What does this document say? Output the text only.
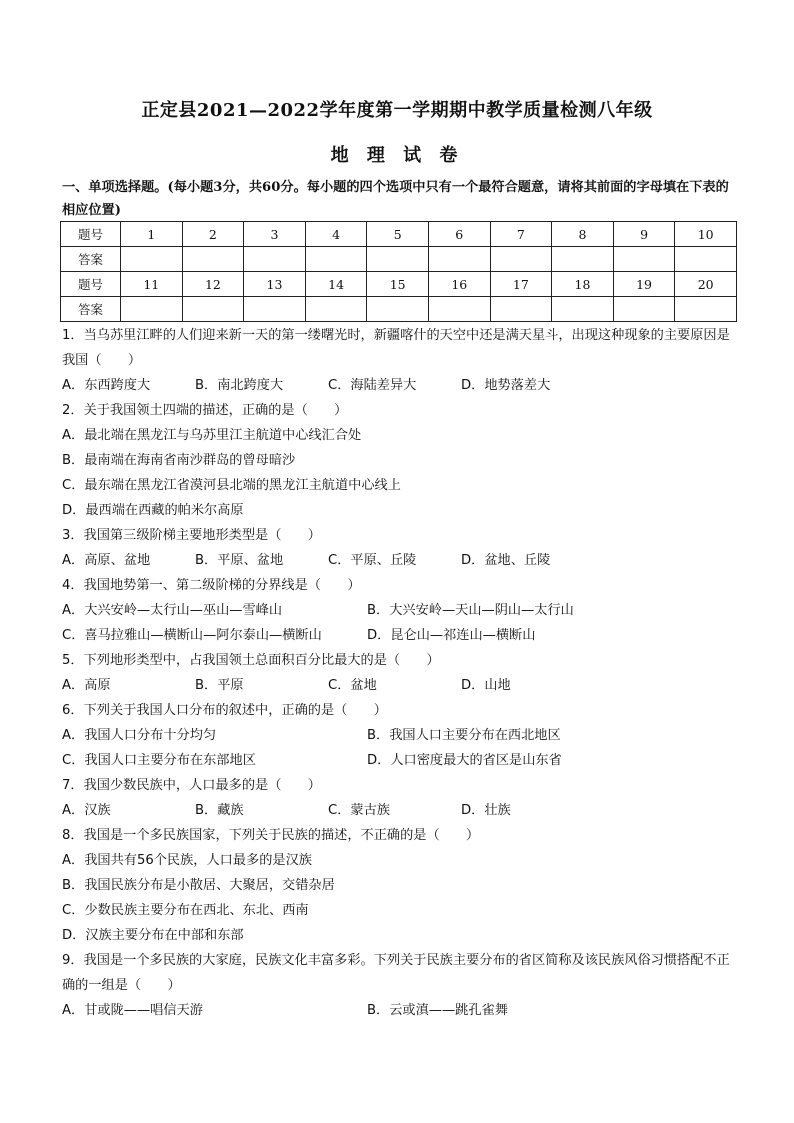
正定县2021—2022学年度第一学期期中教学质量检测八年级
地 理 试 卷
一、单项选择题。(每小题3分，共60分。每小题的四个选项中只有一个最符合题意，请将其前面的字母填在下表的相应位置)
题号	1	2	3	4	5	6	7	8	9	10
答案										
题号	11	12	13	14	15	16	17	18	19	20
答案										
1．当乌苏里江畔的人们迎来新一天的第一缕曙光时，新疆喀什的天空中还是满天星斗，出现这种现象的主要原因是我国（　　）
A．东西跨度大	B．南北跨度大	C．海陆差异大	D．地势落差大
2．关于我国领土四端的描述，正确的是（　　）
A．最北端在黑龙江与乌苏里江主航道中心线汇合处
B．最南端在海南省南沙群岛的曾母暗沙
C．最东端在黑龙江省漠河县北端的黑龙江主航道中心线上
D．最西端在西藏的帕米尔高原
3．我国第三级阶梯主要地形类型是（　　）
A．高原、盆地	B．平原、盆地	C．平原、丘陵	D．盆地、丘陵
4．我国地势第一、第二级阶梯的分界线是（　　）
A．大兴安岭—太行山—巫山—雪峰山	B．大兴安岭—天山—阴山—太行山
C．喜马拉雅山—横断山—阿尔泰山—横断山	D．昆仑山—祁连山—横断山
5．下列地形类型中，占我国领土总面积百分比最大的是（　　）
A．高原	B．平原	C．盆地	D．山地
6．下列关于我国人口分布的叙述中，正确的是（　　）
A．我国人口分布十分均匀	B．我国人口主要分布在西北地区
C．我国人口主要分布在东部地区	D．人口密度最大的省区是山东省
7．我国少数民族中，人口最多的是（　　）
A．汉族	B．藏族	C．蒙古族	D．壮族
8．我国是一个多民族国家，下列关于民族的描述，不正确的是（　　）
A．我国共有56个民族，人口最多的是汉族
B．我国民族分布是小散居、大聚居，交错杂居
C．少数民族主要分布在西北、东北、西南
D．汉族主要分布在中部和东部
9．我国是一个多民族的大家庭，民族文化丰富多彩。下列关于民族主要分布的省区简称及该民族风俗习惯搭配不正确的一组是（　　）
A．甘或陇——唱信天游	B．云或滇——跳孔雀舞
